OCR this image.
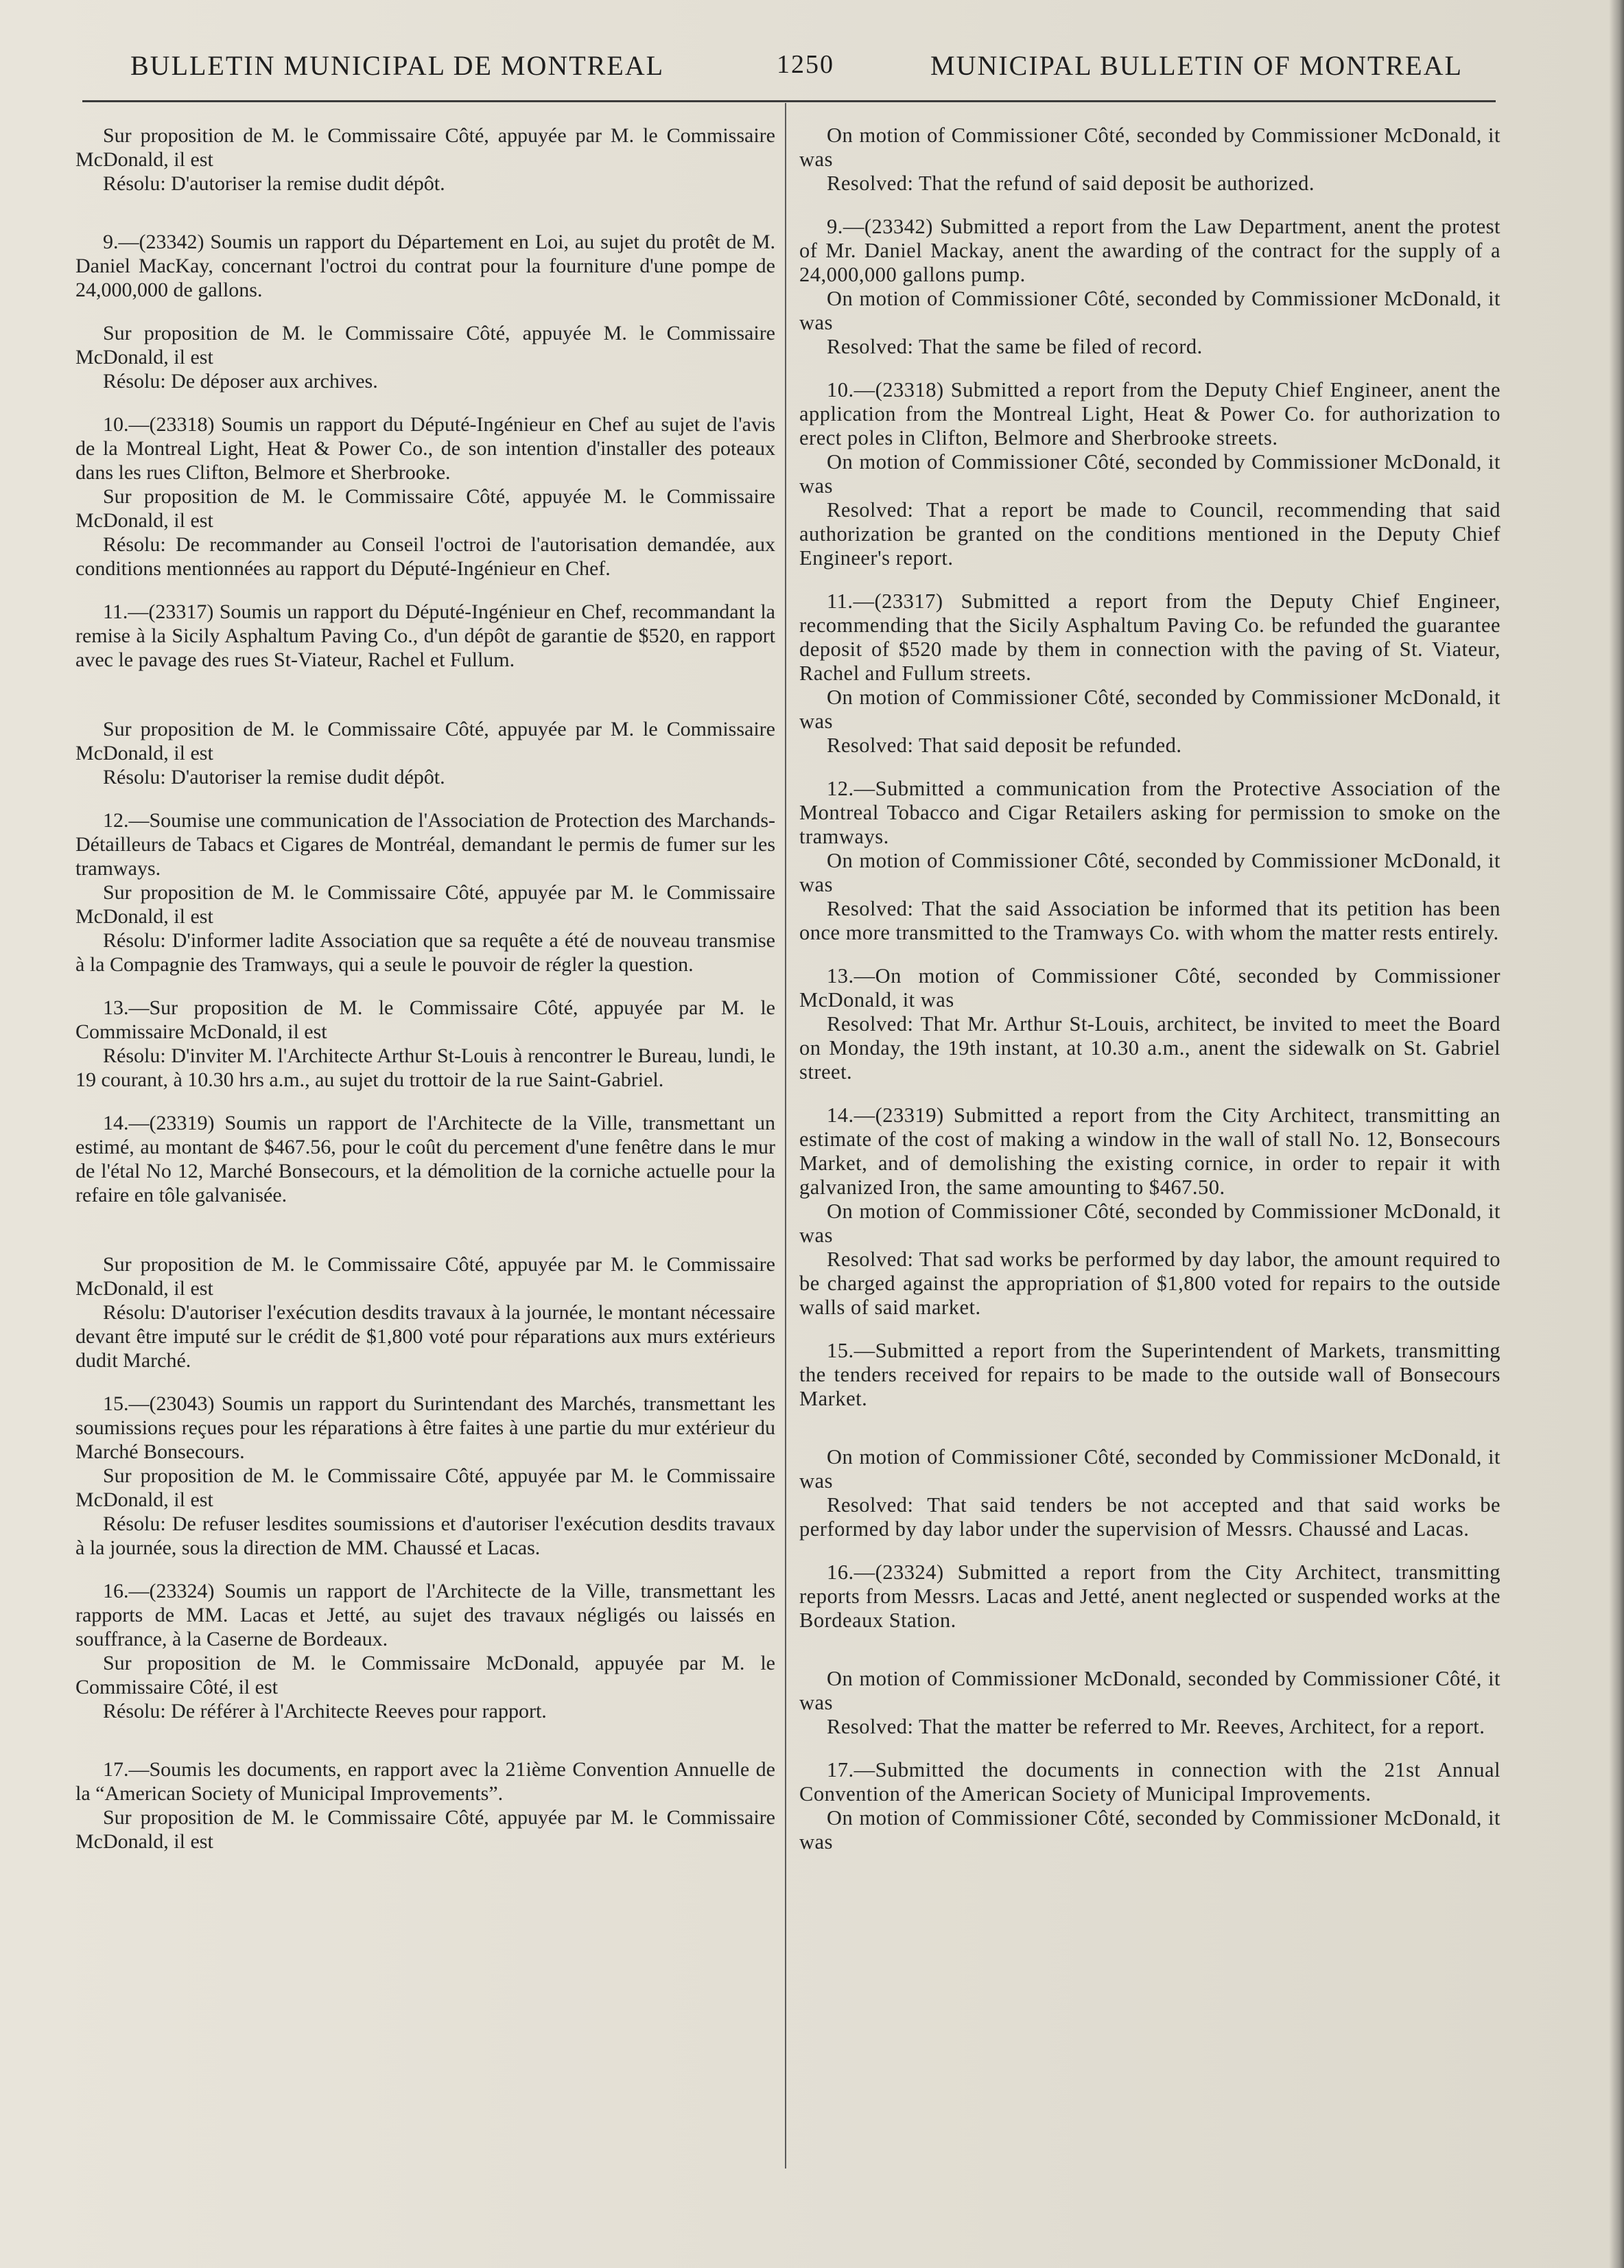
BULLETIN MUNICIPAL DE MONTREAL	1250	MUNICIPAL BULLETIN OF MONTREAL

Sur proposition de M. le Commissaire Côté, appuyée par M. le Commissaire McDonald, il est

Résolu: D'autoriser la remise dudit dépôt.

9.—(23342) Soumis un rapport du Département en Loi, au sujet du protêt de M. Daniel MacKay, concernant l'octroi du contrat pour la fourniture d'une pompe de 24,000,000 de gallons.

Sur proposition de M. le Commissaire Côté, appuyée M. le Commissaire McDonald, il est

Résolu: De déposer aux archives.

10.—(23318) Soumis un rapport du Député-Ingénieur en Chef au sujet de l'avis de la Montreal Light, Heat & Power Co., de son intention d'installer des poteaux dans les rues Clifton, Belmore et Sherbrooke.

Sur proposition de M. le Commissaire Côté, appuyée M. le Commissaire McDonald, il est

Résolu: De recommander au Conseil l'octroi de l'autorisation demandée, aux conditions mentionnées au rapport du Député-Ingénieur en Chef.

11.—(23317) Soumis un rapport du Député-Ingénieur en Chef, recommandant la remise à la Sicily Asphaltum Paving Co., d'un dépôt de garantie de $520, en rapport avec le pavage des rues St-Viateur, Rachel et Fullum.

Sur proposition de M. le Commissaire Côté, appuyée par M. le Commissaire McDonald, il est

Résolu: D'autoriser la remise dudit dépôt.

12.—Soumise une communication de l'Association de Protection des Marchands-Détailleurs de Tabacs et Cigares de Montréal, demandant le permis de fumer sur les tramways.

Sur proposition de M. le Commissaire Côté, appuyée par M. le Commissaire McDonald, il est

Résolu: D'informer ladite Association que sa requête a été de nouveau transmise à la Compagnie des Tramways, qui a seule le pouvoir de régler la question.

13.—Sur proposition de M. le Commissaire Côté, appuyée par M. le Commissaire McDonald, il est

Résolu: D'inviter M. l'Architecte Arthur St-Louis à rencontrer le Bureau, lundi, le 19 courant, à 10.30 hrs a.m., au sujet du trottoir de la rue Saint-Gabriel.

14.—(23319) Soumis un rapport de l'Architecte de la Ville, transmettant un estimé, au montant de $467.56, pour le coût du percement d'une fenêtre dans le mur de l'étal No 12, Marché Bonsecours, et la démolition de la corniche actuelle pour la refaire en tôle galvanisée.

Sur proposition de M. le Commissaire Côté, appuyée par M. le Commissaire McDonald, il est

Résolu: D'autoriser l'exécution desdits travaux à la journée, le montant nécessaire devant être imputé sur le crédit de $1,800 voté pour réparations aux murs extérieurs dudit Marché.

15.—(23043) Soumis un rapport du Surintendant des Marchés, transmettant les soumissions reçues pour les réparations à être faites à une partie du mur extérieur du Marché Bonsecours.

Sur proposition de M. le Commissaire Côté, appuyée par M. le Commissaire McDonald, il est

Résolu: De refuser lesdites soumissions et d'autoriser l'exécution desdits travaux à la journée, sous la direction de MM. Chaussé et Lacas.

16.—(23324) Soumis un rapport de l'Architecte de la Ville, transmettant les rapports de MM. Lacas et Jetté, au sujet des travaux négligés ou laissés en souffrance, à la Caserne de Bordeaux.

Sur proposition de M. le Commissaire McDonald, appuyée par M. le Commissaire Côté, il est

Résolu: De référer à l'Architecte Reeves pour rapport.

17.—Soumis les documents, en rapport avec la 21ième Convention Annuelle de la “American Society of Municipal Improvements”.

Sur proposition de M. le Commissaire Côté, appuyée par M. le Commissaire McDonald, il est

On motion of Commissioner Côté, seconded by Commissioner McDonald, it was

Resolved: That the refund of said deposit be authorized.

9.—(23342) Submitted a report from the Law Department, anent the protest of Mr. Daniel Mackay, anent the awarding of the contract for the supply of a 24,000,000 gallons pump.

On motion of Commissioner Côté, seconded by Commissioner McDonald, it was

Resolved: That the same be filed of record.

10.—(23318) Submitted a report from the Deputy Chief Engineer, anent the application from the Montreal Light, Heat & Power Co. for authorization to erect poles in Clifton, Belmore and Sherbrooke streets.

On motion of Commissioner Côté, seconded by Commissioner McDonald, it was

Resolved: That a report be made to Council, recommending that said authorization be granted on the conditions mentioned in the Deputy Chief Engineer's report.

11.—(23317) Submitted a report from the Deputy Chief Engineer, recommending that the Sicily Asphaltum Paving Co. be refunded the guarantee deposit of $520 made by them in connection with the paving of St. Viateur, Rachel and Fullum streets.

On motion of Commissioner Côté, seconded by Commissioner McDonald, it was

Resolved: That said deposit be refunded.

12.—Submitted a communication from the Protective Association of the Montreal Tobacco and Cigar Retailers asking for permission to smoke on the tramways.

On motion of Commissioner Côté, seconded by Commissioner McDonald, it was

Resolved: That the said Association be informed that its petition has been once more transmitted to the Tramways Co. with whom the matter rests entirely.

13.—On motion of Commissioner Côté, seconded by Commissioner McDonald, it was

Resolved: That Mr. Arthur St-Louis, architect, be invited to meet the Board on Monday, the 19th instant, at 10.30 a.m., anent the sidewalk on St. Gabriel street.

14.—(23319) Submitted a report from the City Architect, transmitting an estimate of the cost of making a window in the wall of stall No. 12, Bonsecours Market, and of demolishing the existing cornice, in order to repair it with galvanized Iron, the same amounting to $467.50.

On motion of Commissioner Côté, seconded by Commissioner McDonald, it was

Resolved: That sad works be performed by day labor, the amount required to be charged against the appropriation of $1,800 voted for repairs to the outside walls of said market.

15.—Submitted a report from the Superintendent of Markets, transmitting the tenders received for repairs to be made to the outside wall of Bonsecours Market.

On motion of Commissioner Côté, seconded by Commissioner McDonald, it was

Resolved: That said tenders be not accepted and that said works be performed by day labor under the supervision of Messrs. Chaussé and Lacas.

16.—(23324) Submitted a report from the City Architect, transmitting reports from Messrs. Lacas and Jetté, anent neglected or suspended works at the Bordeaux Station.

On motion of Commissioner McDonald, seconded by Commissioner Côté, it was

Resolved: That the matter be referred to Mr. Reeves, Architect, for a report.

17.—Submitted the documents in connection with the 21st Annual Convention of the American Society of Municipal Improvements.

On motion of Commissioner Côté, seconded by Commissioner McDonald, it was
